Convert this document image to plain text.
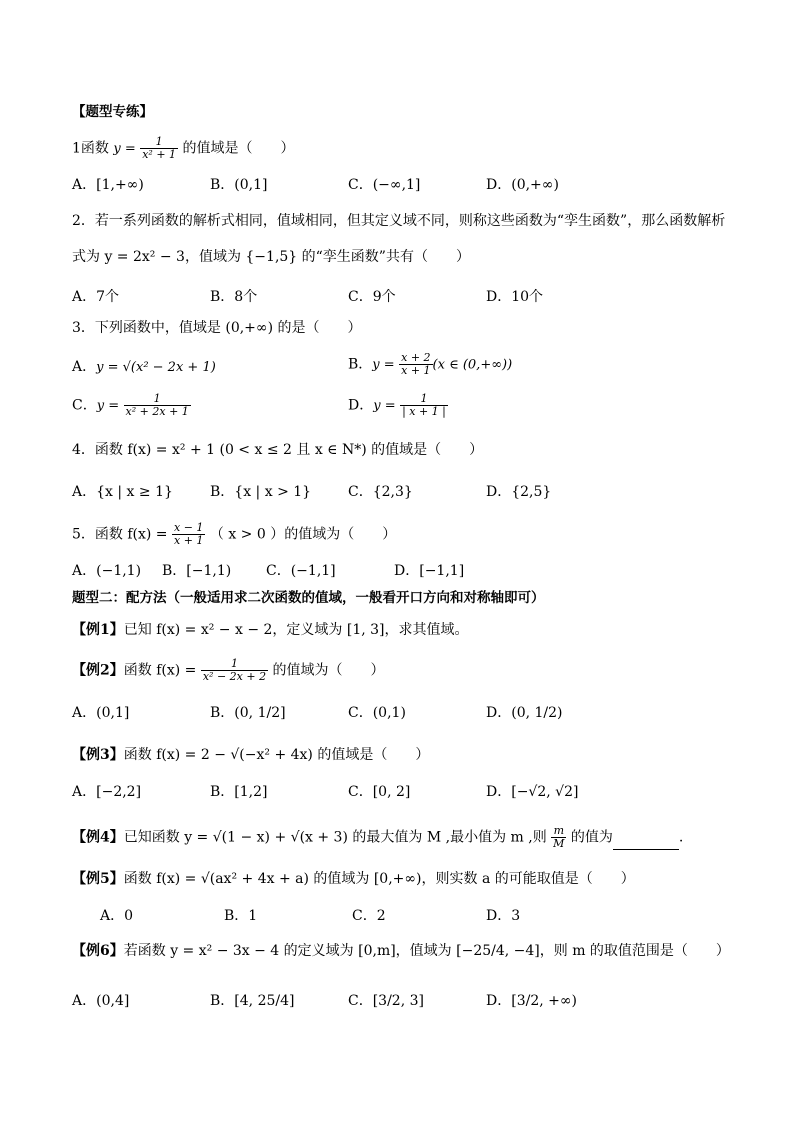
【题型专练】
1函数 $y = \frac{1}{\text{x² + 1}}$ 的值域是（　　）
A．[1,+∞)	B．(0,1]	C．(−∞,1]	D．(0,+∞)
2．若一系列函数的解析式相同，值域相同，但其定义域不同，则称这些函数为“孪生函数”，那么函数解析
式为 y = 2x² − 3，值域为 {−1,5} 的“孪生函数”共有（　　）
A．7个	B．8个	C．9个	D．10个
3．下列函数中，值域是 (0,+∞) 的是（　　）
A．y = √(x² − 2x + 1)	B．$y = \frac{x + 2}{x + 1} (x$ ∈ (0,+∞))
C．$y = \frac{1}{\text{x² + 2x + 1}}$	D．$y = \frac{1}{| x + 1 |}$
4．函数 f(x) = x² + 1 (0 < x ≤ 2 且 x ∈ N*) 的值域是（　　）
A．{x | x ≥ 1}	B．{x | x > 1}	C．{2,3}	D．{2,5}
5．函数 $f(x) = \frac{x - 1}{x + 1}$ （ x > 0 ）的值域为（　　）
A．(−1,1) B．[−1,1) C．(−1,1]	D．[−1,1]
题型二：配方法（一般适用求二次函数的值域，一般看开口方向和对称轴即可）
【例1】已知 f(x) = x² − x − 2，定义域为 [1, 3]，求其值域。
【例2】函数 $f(x) = \frac{1}{\text{x² − 2x + 2}}$ 的值域为（　　）
A．(0,1]	B．(0, 1/2]	C．(0,1)	D．(0, 1/2)
【例3】函数 f(x) = 2 − √(−x² + 4x) 的值域是（　　）
A．[−2,2]	B．[1,2]	C．[0, 2]	D．[−√2, √2]
【例4】已知函数 y = √(1 − x) + √(x + 3) 的最大值为 M ,最小值为 m ,则 $\frac{m}{M}$ 的值为	.
【例5】函数 f(x) = √(ax² + 4x + a) 的值域为 [0,+∞)，则实数 a 的可能取值是（　　）
A．0	B．1	C．2	D．3
【例6】若函数 y = x² − 3x − 4 的定义域为 [0,m]，值域为 [−25/4, −4]，则 m 的取值范围是（　　）
A．(0,4]	B．[4, 25/4]	C．[3/2, 3]	D．[3/2, +∞)
